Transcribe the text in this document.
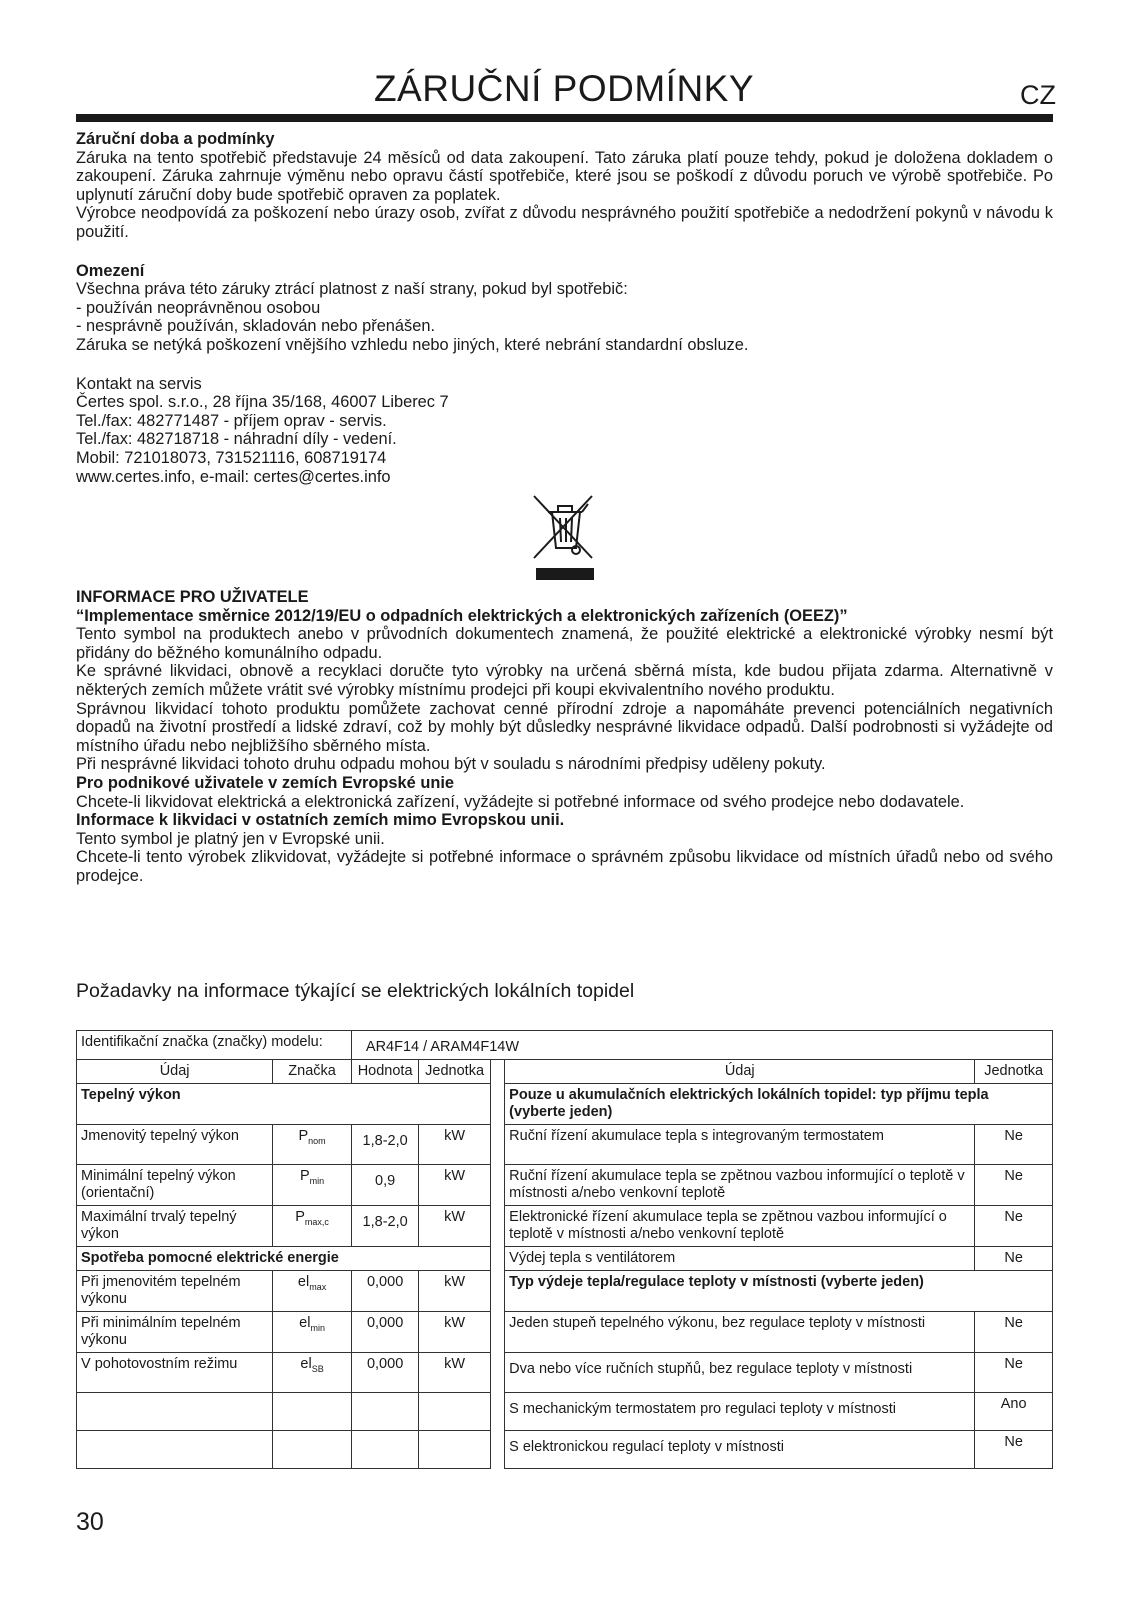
ZÁRUČNÍ PODMÍNKY	CZ

Záruční doba a podmínky

Záruka na tento spotřebič představuje 24 měsíců od data zakoupení. Tato záruka platí pouze tehdy, pokud je doložena dokladem o zakoupení. Záruka zahrnuje výměnu nebo opravu částí spotřebiče, které jsou se poškodí z důvodu poruch ve výrobě spotřebiče. Po uplynutí záruční doby bude spotřebič opraven za poplatek.

Výrobce neodpovídá za poškození nebo úrazy osob, zvířat z důvodu nesprávného použití spotřebiče a nedodržení pokynů v návodu k použití.

Omezení

Všechna práva této záruky ztrácí platnost z naší strany, pokud byl spotřebič:

- používán neoprávněnou osobou

- nesprávně používán, skladován nebo přenášen.

Záruka se netýká poškození vnějšího vzhledu nebo jiných, které nebrání standardní obsluze.

Kontakt na servis

Čertes spol. s.r.o., 28 října 35/168, 46007 Liberec 7

Tel./fax: 482771487 - příjem oprav - servis.

Tel./fax: 482718718 - náhradní díly - vedení.

Mobil: 721018073, 731521116, 608719174

www.certes.info, e-mail: certes@certes.info

INFORMACE PRO UŽIVATELE

“Implementace směrnice 2012/19/EU o odpadních elektrických a elektronických zařízeních (OEEZ)”

Tento symbol na produktech anebo v průvodních dokumentech znamená, že použité elektrické a elektronické výrobky nesmí být přidány do běžného komunálního odpadu.

Ke správné likvidaci, obnově a recyklaci doručte tyto výrobky na určená sběrná místa, kde budou přijata zdarma. Alternativně v některých zemích můžete vrátit své výrobky místnímu prodejci při koupi ekvivalentního nového produktu.

Správnou likvidací tohoto produktu pomůžete zachovat cenné přírodní zdroje a napomáháte prevenci potenciálních negativních dopadů na životní prostředí a lidské zdraví, což by mohly být důsledky nesprávné likvidace odpadů. Další podrobnosti si vyžádejte od místního úřadu nebo nejbližšího sběrného místa.

Při nesprávné likvidaci tohoto druhu odpadu mohou být v souladu s národními předpisy uděleny pokuty.

Pro podnikové uživatele v zemích Evropské unie

Chcete-li likvidovat elektrická a elektronická zařízení, vyžádejte si potřebné informace od svého prodejce nebo dodavatele.

Informace k likvidaci v ostatních zemích mimo Evropskou unii.

Tento symbol je platný jen v Evropské unii.

Chcete-li tento výrobek zlikvidovat, vyžádejte si potřebné informace o správném způsobu likvidace od místních úřadů nebo od svého prodejce.

Požadavky na informace týkající se elektrických lokálních topidel
Identifikační značka (značky) modelu:		AR4F14 / ARAM4F14W				
Údaj	Značka	Hodnota	Jednotka		Údaj	Jednotka
Tepelný výkon					Pouze u akumulačních elektrických lokálních topidel: typ příjmu tepla (vyberte jeden)	
Jmenovitý tepelný výkon	$P_{nom}$	1,8-2,0	kW		Ruční řízení akumulace tepla s integrovaným termostatem	Ne
Minimální tepelný výkon (orientační)	$P_{min}$	0,9	kW		Ruční řízení akumulace tepla se zpětnou vazbou informující o teplotě v místnosti a/nebo venkovní teplotě	Ne
Maximální trvalý tepelný výkon	$P_{max,c}$	1,8-2,0	kW		Elektronické řízení akumulace tepla se zpětnou vazbou informující o teplotě v místnosti a/nebo venkovní teplotě	Ne
Spotřeba pomocné elektrické energie					Výdej tepla s ventilátorem	Ne
Při jmenovitém tepelném výkonu	$el_{max}$	0,000	kW		Typ výdeje tepla/regulace teploty v místnosti (vyberte jeden)	
Při minimálním tepelném výkonu	$el_{min}$	0,000	kW		Jeden stupeň tepelného výkonu, bez regulace teploty v místnosti	Ne
V pohotovostním režimu	$el_{SB}$	0,000	kW		Dva nebo více ručních stupňů, bez regulace teploty v místnosti	Ne
					S mechanickým termostatem pro regulaci teploty v místnosti	Ano
					S elektronickou regulací teploty v místnosti	Ne
30
